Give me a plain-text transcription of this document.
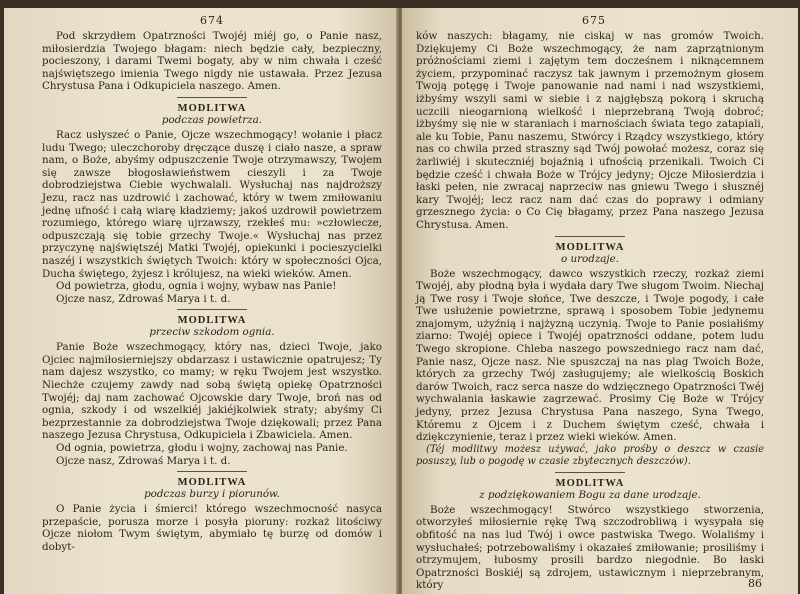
674

Pod skrzydłem Opatrzności Twojéj miéj go, o Panie nasz, miłosierdzia Twojego błagam: niech będzie cały, bezpieczny, pocieszony, i darami Twemi bogaty, aby w nim chwała i cześć najświętszego imienia Twego nigdy nie ustawała. Przez Jezusa Chrystusa Pana i Odkupiciela naszego. Amen.

MODLITWA
podczas powietrza.

Racz usłyszeć o Panie, Ojcze wszechmogący! wołanie i płacz ludu Twego; uleczchoroby dręczące duszę i ciało nasze, a spraw nam, o Boże, abyśmy odpuszczenie Twoje otrzymawszy, Twojem się zawsze błogosławieństwem cieszyli i za Twoje dobrodziejstwa Ciebie wychwalali. Wysłuchaj nas najdroższy Jezu, racz nas uzdrowić i zachować, który w twem zmiłowaniu jednę ufność i całą wiarę kładziemy; jakoś uzdrowił powietrzem rozumiego, którego wiarę ujrzawszy, rzekłeś mu: »człowiecze, odpuszczają się tobie grzechy Twoje.« Wysłuchaj nas przez przyczynę najświętszéj Matki Twojéj, opiekunki i pocieszycielki naszéj i wszystkich świętych Twoich: który w społeczności Ojca, Ducha świętego, żyjesz i królujesz, na wieki wieków. Amen.

Od powietrza, głodu, ognia i wojny, wybaw nas Panie!

Ojcze nasz, Zdrowaś Marya i t. d.

MODLITWA
przeciw szkodom ognia.

Panie Boże wszechmogący, który nas, dzieci Twoje, jako Ojciec najmiłosierniejszy obdarzasz i ustawicznie opatrujesz; Ty nam dajesz wszystko, co mamy; w ręku Twojem jest wszystko. Niechże czujemy zawdy nad sobą świętą opiekę Opatrzności Twojéj; daj nam zachować Ojcowskie dary Twoje, broń nas od ognia, szkody i od wszelkiéj jakiéjkolwiek straty; abyśmy Ci bezprzestannie za dobrodziejstwa Twoje dziękowali; przez Pana naszego Jezusa Chrystusa, Odkupiciela i Zbawiciela. Amen.

Od ognia, powietrza, głodu i wojny, zachowaj nas Panie.

Ojcze nasz, Zdrowaś Marya i t. d.

MODLITWA
podczas burzy i piorunów.

O Panie życia i śmierci! którego wszechmocność nasyca przepaście, porusza morze i posyła pioruny: rozkaż litościwy Ojcze niołom Twym świętym, abymiało tę burzę od domów i dobyt-

675

ków naszych: błagamy, nie ciskaj w nas gromów Twoich. Dziękujemy Ci Boże wszechmogący, że nam zaprzątnionym próżnościami ziemi i zajętym tem docześnem i niknącemnem życiem, przypominać raczysz tak jawnym i przemożnym głosem Twoją potęgę i Twoje panowanie nad nami i nad wszystkiemi, iżbyśmy wszyli sami w siebie i z najgłębszą pokorą i skruchą uczcili nieogarnioną wielkość i nieprzebraną Twoją dobroć; iżbyśmy się nie w staraniach i marnościach świata tego zatapiali, ale ku Tobie, Panu naszemu, Stwórcy i Rządcy wszystkiego, który nas co chwila przed straszny sąd Twój powołać możesz, coraz się żarliwiéj i skuteczniéj bojaźnią i ufnością przenikali. Twoich Ci będzie cześć i chwała Boże w Trójcy jedyny; Ojcze Miłosierdzia i łaski pełen, nie zwracaj naprzeciw nas gniewu Twego i słusznéj kary Twojéj; lecz racz nam dać czas do poprawy i odmiany grzesznego życia: o Co Cię błagamy, przez Pana naszego Jezusa Chrystusa. Amen.

MODLITWA
o urodzaje.

Boże wszechmogący, dawco wszystkich rzeczy, rozkaż ziemi Twojéj, aby płodną była i wydała dary Twe sługom Twoim. Niechaj ją Twe rosy i Twoje słońce, Twe deszcze, i Twoje pogody, i całe Twe usłużenie powietrzne, sprawą i sposobem Tobie jedynemu znajomym, użyźnią i najżyzną uczynią. Twoje to Panie posiałiśmy ziarno: Twojéj opiece i Twojéj opatrzności oddane, potem ludu Twego skropione. Chleba naszego powszedniego racz nam dać, Panie nasz, Ojcze nasz. Nie spuszczaj na nas plag Twoich Boże, których za grzechy Twój zasługujemy; ale wielkością Boskich darów Twoich, racz serca nasze do wdzięcznego Opatrzności Twéj wychwalania łaskawie zagrzewać. Prosimy Cię Boże w Trójcy jedyny, przez Jezusa Chrystusa Pana naszego, Syna Twego, Któremu z Ojcem i z Duchem świętym cześć, chwała i dziękczynienie, teraz i przez wieki wieków. Amen.

(Téj modlitwy możesz używać, jako prośby o deszcz w czasie posuszy, lub o pogodę w czasie zbytecznych deszczów).

MODLITWA
z podziękowaniem Bogu za dane urodzaje.

Boże wszechmogący! Stwórco wszystkiego stworzenia, otworzyłeś miłosiernie rękę Twą szczodrobliwą i wysypała się obfitość na nas lud Twój i owce pastwiska Twego. Wolaliśmy i wysłuchałeś; potrzebowaliśmy i okazałeś zmiłowanie; prosiliśmy i otrzymujem, łubosmy prosili bardzo niegodnie. Bo łaski Opatrzności Boskiéj są zdrojem, ustawicznym i nieprzebranym, który	86
